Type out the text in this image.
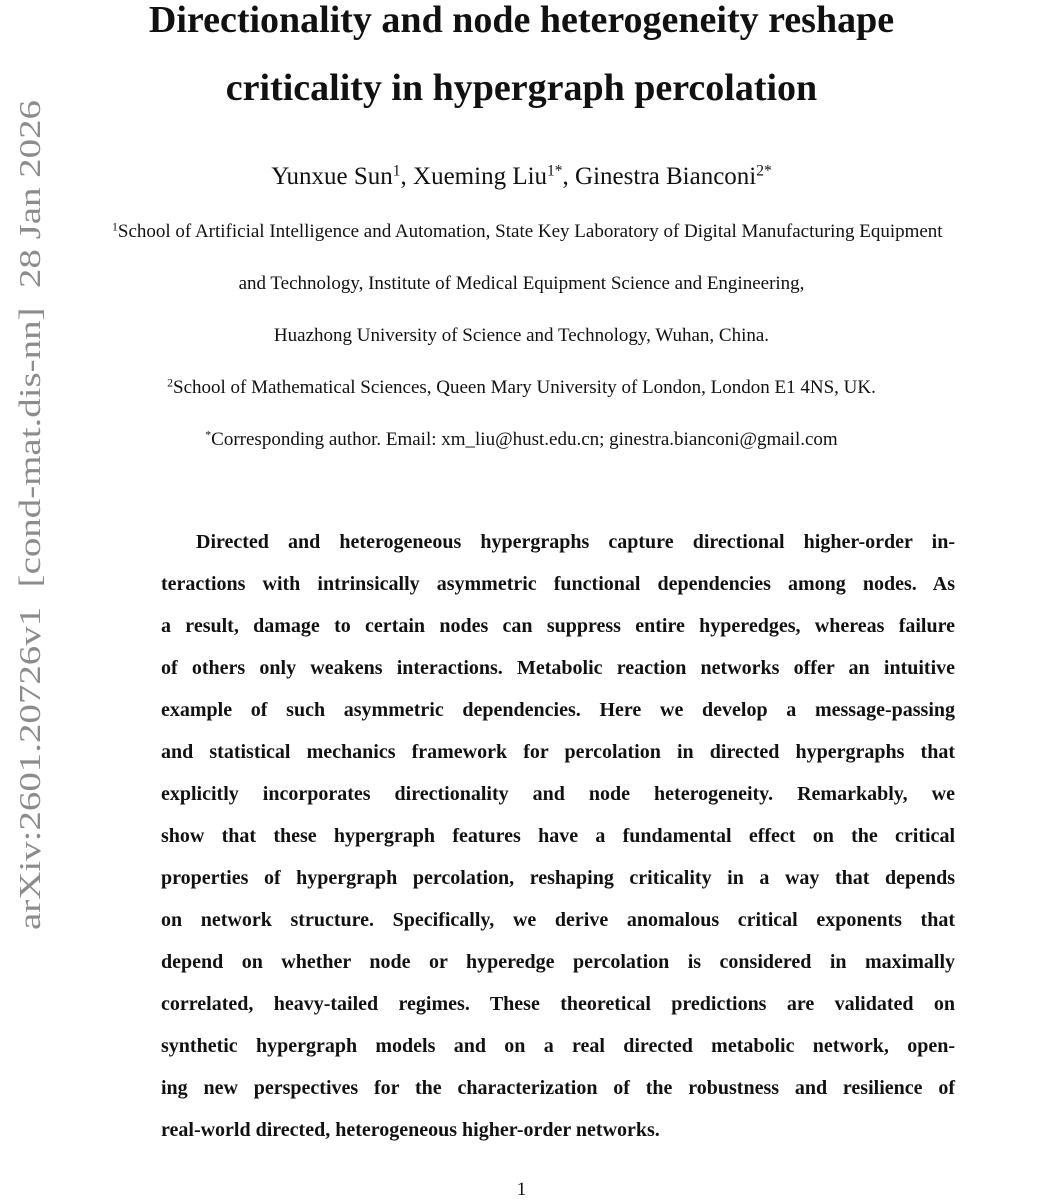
arXiv:2601.20726v1  [cond-mat.dis-nn]  28 Jan 2026
Directionality and node heterogeneity reshape
criticality in hypergraph percolation
Yunxue Sun$^1$, Xueming Liu$^{1*}$, Ginestra Bianconi$^{2*}$
$^1$School of Artificial Intelligence and Automation, State Key Laboratory of Digital Manufacturing Equipment
and Technology, Institute of Medical Equipment Science and Engineering,
Huazhong University of Science and Technology, Wuhan, China.
$^2$School of Mathematical Sciences, Queen Mary University of London, London E1 4NS, UK.
*Corresponding author. Email: xm_liu@hust.edu.cn; ginestra.bianconi@gmail.com
Directed and heterogeneous hypergraphs capture directional higher-order in-
teractions with intrinsically asymmetric functional dependencies among nodes. As
a result, damage to certain nodes can suppress entire hyperedges, whereas failure
of others only weakens interactions. Metabolic reaction networks offer an intuitive
example of such asymmetric dependencies. Here we develop a message-passing
and statistical mechanics framework for percolation in directed hypergraphs that
explicitly incorporates directionality and node heterogeneity. Remarkably, we
show that these hypergraph features have a fundamental effect on the critical
properties of hypergraph percolation, reshaping criticality in a way that depends
on network structure. Specifically, we derive anomalous critical exponents that
depend on whether node or hyperedge percolation is considered in maximally
correlated, heavy-tailed regimes. These theoretical predictions are validated on
synthetic hypergraph models and on a real directed metabolic network, open-
ing new perspectives for the characterization of the robustness and resilience of
real-world directed, heterogeneous higher-order networks.
1
